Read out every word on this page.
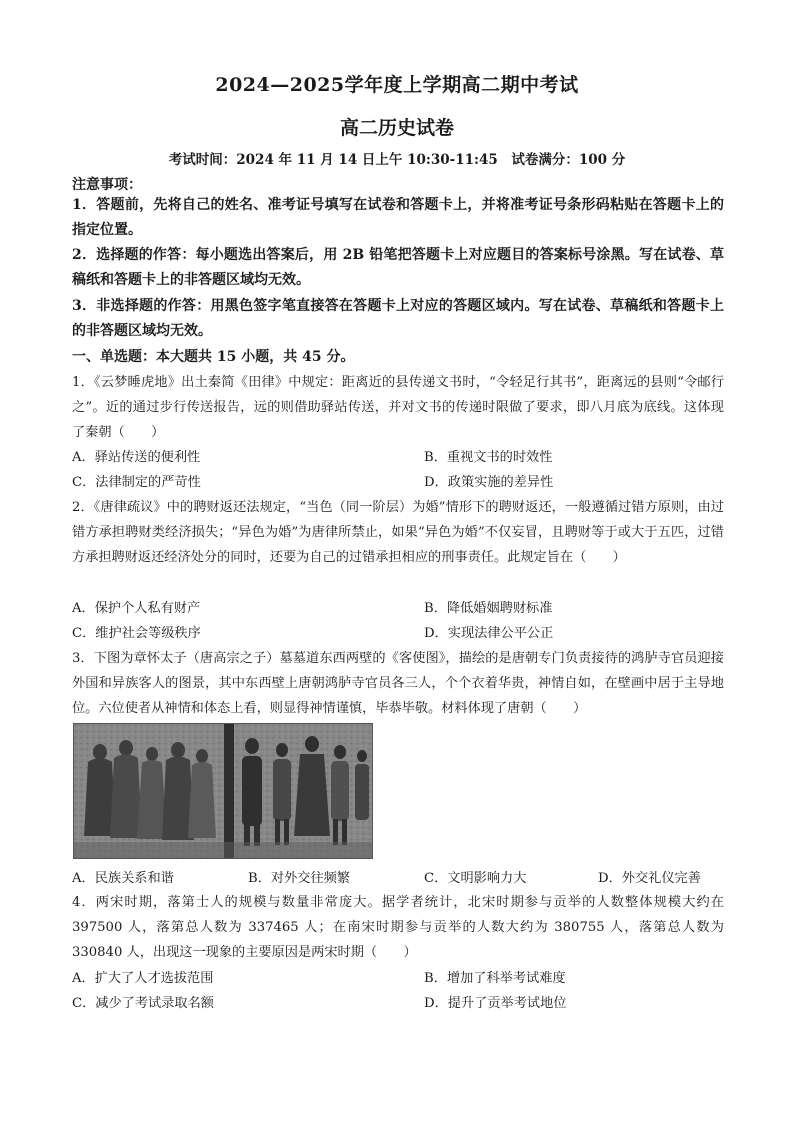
2024—2025学年度上学期高二期中考试
高二历史试卷
考试时间：2024 年 11 月 14 日上午 10:30-11:45　试卷满分：100 分
注意事项：
1．答题前，先将自己的姓名、准考证号填写在试卷和答题卡上，并将准考证号条形码粘贴在答题卡上的指定位置。
2．选择题的作答：每小题选出答案后，用 2B 铅笔把答题卡上对应题目的答案标号涂黑。写在试卷、草稿纸和答题卡上的非答题区域均无效。
3．非选择题的作答：用黑色签字笔直接答在答题卡上对应的答题区域内。写在试卷、草稿纸和答题卡上的非答题区域均无效。
一、单选题：本大题共 15 小题，共 45 分。
1．《云梦睡虎地》出土秦简《田律》中规定：距离近的县传递文书时，“令轻足行其书”，距离远的县则“令邮行之”。近的通过步行传送报告，远的则借助驿站传送，并对文书的传递时限做了要求，即八月底为底线。这体现了秦朝（　　）
A．驿站传送的便利性	B．重视文书的时效性
C．法律制定的严苛性	D．政策实施的差异性
2．《唐律疏议》中的聘财返还法规定，“当色（同一阶层）为婚”情形下的聘财返还，一般遵循过错方原则，由过错方承担聘财类经济损失；“异色为婚”为唐律所禁止，如果“异色为婚”不仅妄冒，且聘财等于或大于五匹，过错方承担聘财返还经济处分的同时，还要为自己的过错承担相应的刑事责任。此规定旨在（　　）
A．保护个人私有财产	B．降低婚姻聘财标准
C．维护社会等级秩序	D．实现法律公平公正
3．下图为章怀太子（唐高宗之子）墓墓道东西两壁的《客使图》，描绘的是唐朝专门负责接待的鸿胪寺官员迎接外国和异族客人的图景，其中东西壁上唐朝鸿胪寺官员各三人，个个衣着华贵，神情自如，在壁画中居于主导地位。六位使者从神情和体态上看，则显得神情谨慎，毕恭毕敬。材料体现了唐朝（　　）
A．民族关系和谐	B．对外交往频繁	C．文明影响力大	D．外交礼仪完善
4．两宋时期，落第士人的规模与数量非常庞大。据学者统计，北宋时期参与贡举的人数整体规模大约在 397500 人，落第总人数为 337465 人；在南宋时期参与贡举的人数大约为 380755 人，落第总人数为 330840 人，出现这一现象的主要原因是两宋时期（　　）
A．扩大了人才选拔范围	B．增加了科举考试难度
C．减少了考试录取名额	D．提升了贡举考试地位
